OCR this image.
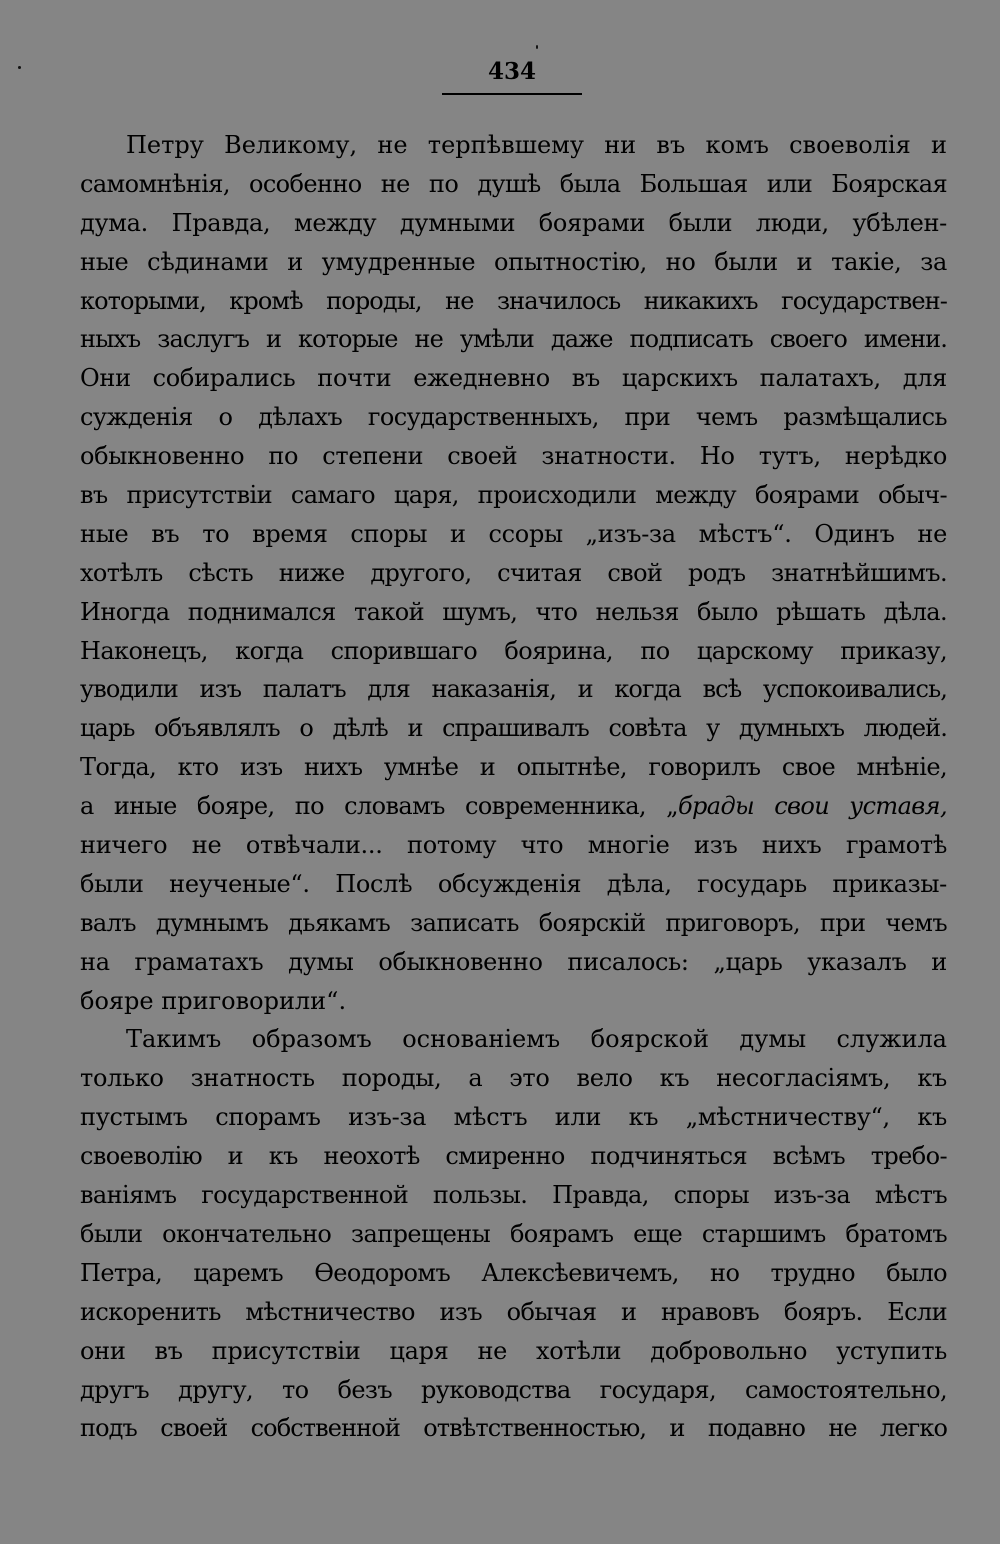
434
Петру Великому, не терпѣвшему ни въ комъ своеволія и
самомнѣнія, особенно не по душѣ была Большая или Боярская
дума. Правда, между думными боярами были люди, убѣлен-
ные сѣдинами и умудренные опытностію, но были и такіе, за
которыми, кромѣ породы, не значилось никакихъ государствен-
ныхъ заслугъ и которые не умѣли даже подписать своего имени.
Они собирались почти ежедневно въ царскихъ палатахъ, для
сужденія о дѣлахъ государственныхъ, при чемъ размѣщались
обыкновенно по степени своей знатности. Но тутъ, нерѣдко
въ присутствіи самаго царя, происходили между боярами обыч-
ные въ то время споры и ссоры „изъ-за мѣстъ“. Одинъ не
хотѣлъ сѣсть ниже другого, считая свой родъ знатнѣйшимъ.
Иногда поднимался такой шумъ, что нельзя было рѣшать дѣла.
Наконецъ, когда спорившаго боярина, по царскому приказу,
уводили изъ палатъ для наказанія, и когда всѣ успокоивались,
царь объявлялъ о дѣлѣ и спрашивалъ совѣта у думныхъ людей.
Тогда, кто изъ нихъ умнѣе и опытнѣе, говорилъ свое мнѣніе,
а иные бояре, по словамъ современника, „брады свои уставя,
ничего не отвѣчали... потому что многіе изъ нихъ грамотѣ
были неученые“. Послѣ обсужденія дѣла, государь приказы-
валъ думнымъ дьякамъ записать боярскій приговоръ, при чемъ
на граматахъ думы обыкновенно писалось: „царь указалъ и
бояре приговорили“.
Такимъ образомъ основаніемъ боярской думы служила
только знатность породы, а это вело къ несогласіямъ, къ
пустымъ спорамъ изъ-за мѣстъ или къ „мѣстничеству“, къ
своеволію и къ неохотѣ смиренно подчиняться всѣмъ требо-
ваніямъ государственной пользы. Правда, споры изъ-за мѣстъ
были окончательно запрещены боярамъ еще старшимъ братомъ
Петра, царемъ Ѳеодоромъ Алексѣевичемъ, но трудно было
искоренить мѣстничество изъ обычая и нравовъ бояръ. Если
они въ присутствіи царя не хотѣли добровольно уступить
другъ другу, то безъ руководства государя, самостоятельно,
подъ своей собственной отвѣтственностью, и подавно не легко
